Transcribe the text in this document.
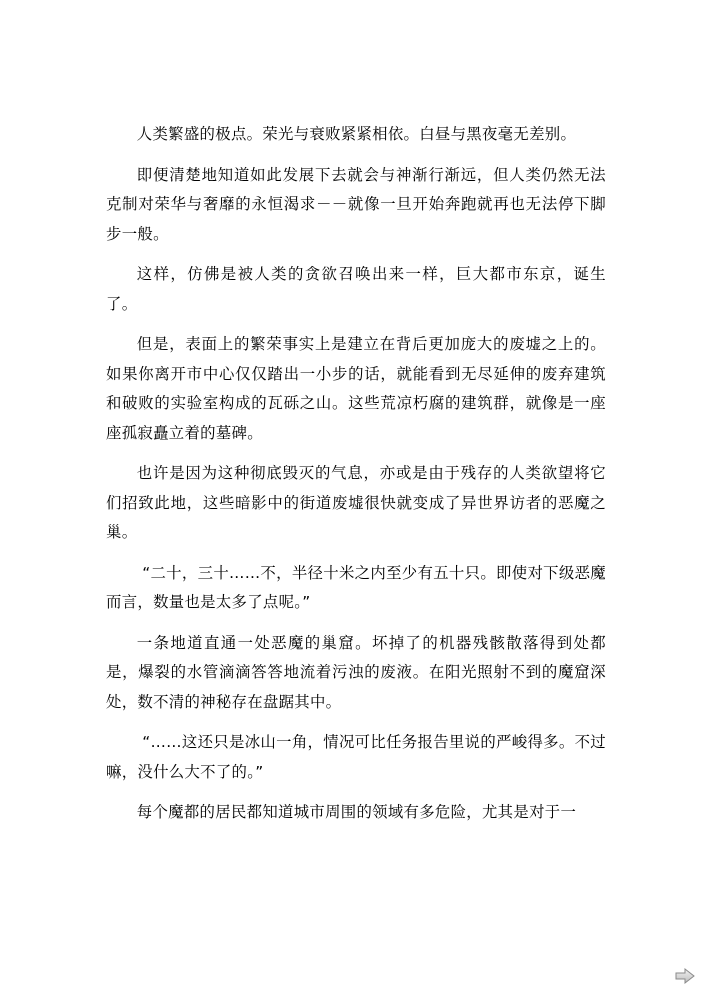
人类繁盛的极点。荣光与衰败紧紧相依。白昼与黑夜毫无差别。

即便清楚地知道如此发展下去就会与神渐行渐远，但人类仍然无法克制对荣华与奢靡的永恒渴求－－就像一旦开始奔跑就再也无法停下脚步一般。

这样，仿佛是被人类的贪欲召唤出来一样，巨大都市东京，诞生了。

但是，表面上的繁荣事实上是建立在背后更加庞大的废墟之上的。如果你离开市中心仅仅踏出一小步的话，就能看到无尽延伸的废弃建筑和破败的实验室构成的瓦砾之山。这些荒凉朽腐的建筑群，就像是一座座孤寂矗立着的墓碑。

也许是因为这种彻底毁灭的气息，亦或是由于残存的人类欲望将它们招致此地，这些暗影中的街道废墟很快就变成了异世界访者的恶魔之巢。

“二十，三十……不，半径十米之内至少有五十只。即使对下级恶魔而言，数量也是太多了点呢。”

一条地道直通一处恶魔的巢窟。坏掉了的机器残骸散落得到处都是，爆裂的水管滴滴答答地流着污浊的废液。在阳光照射不到的魔窟深处，数不清的神秘存在盘踞其中。

“……这还只是冰山一角，情况可比任务报告里说的严峻得多。不过嘛，没什么大不了的。”

每个魔都的居民都知道城市周围的领域有多危险，尤其是对于一
